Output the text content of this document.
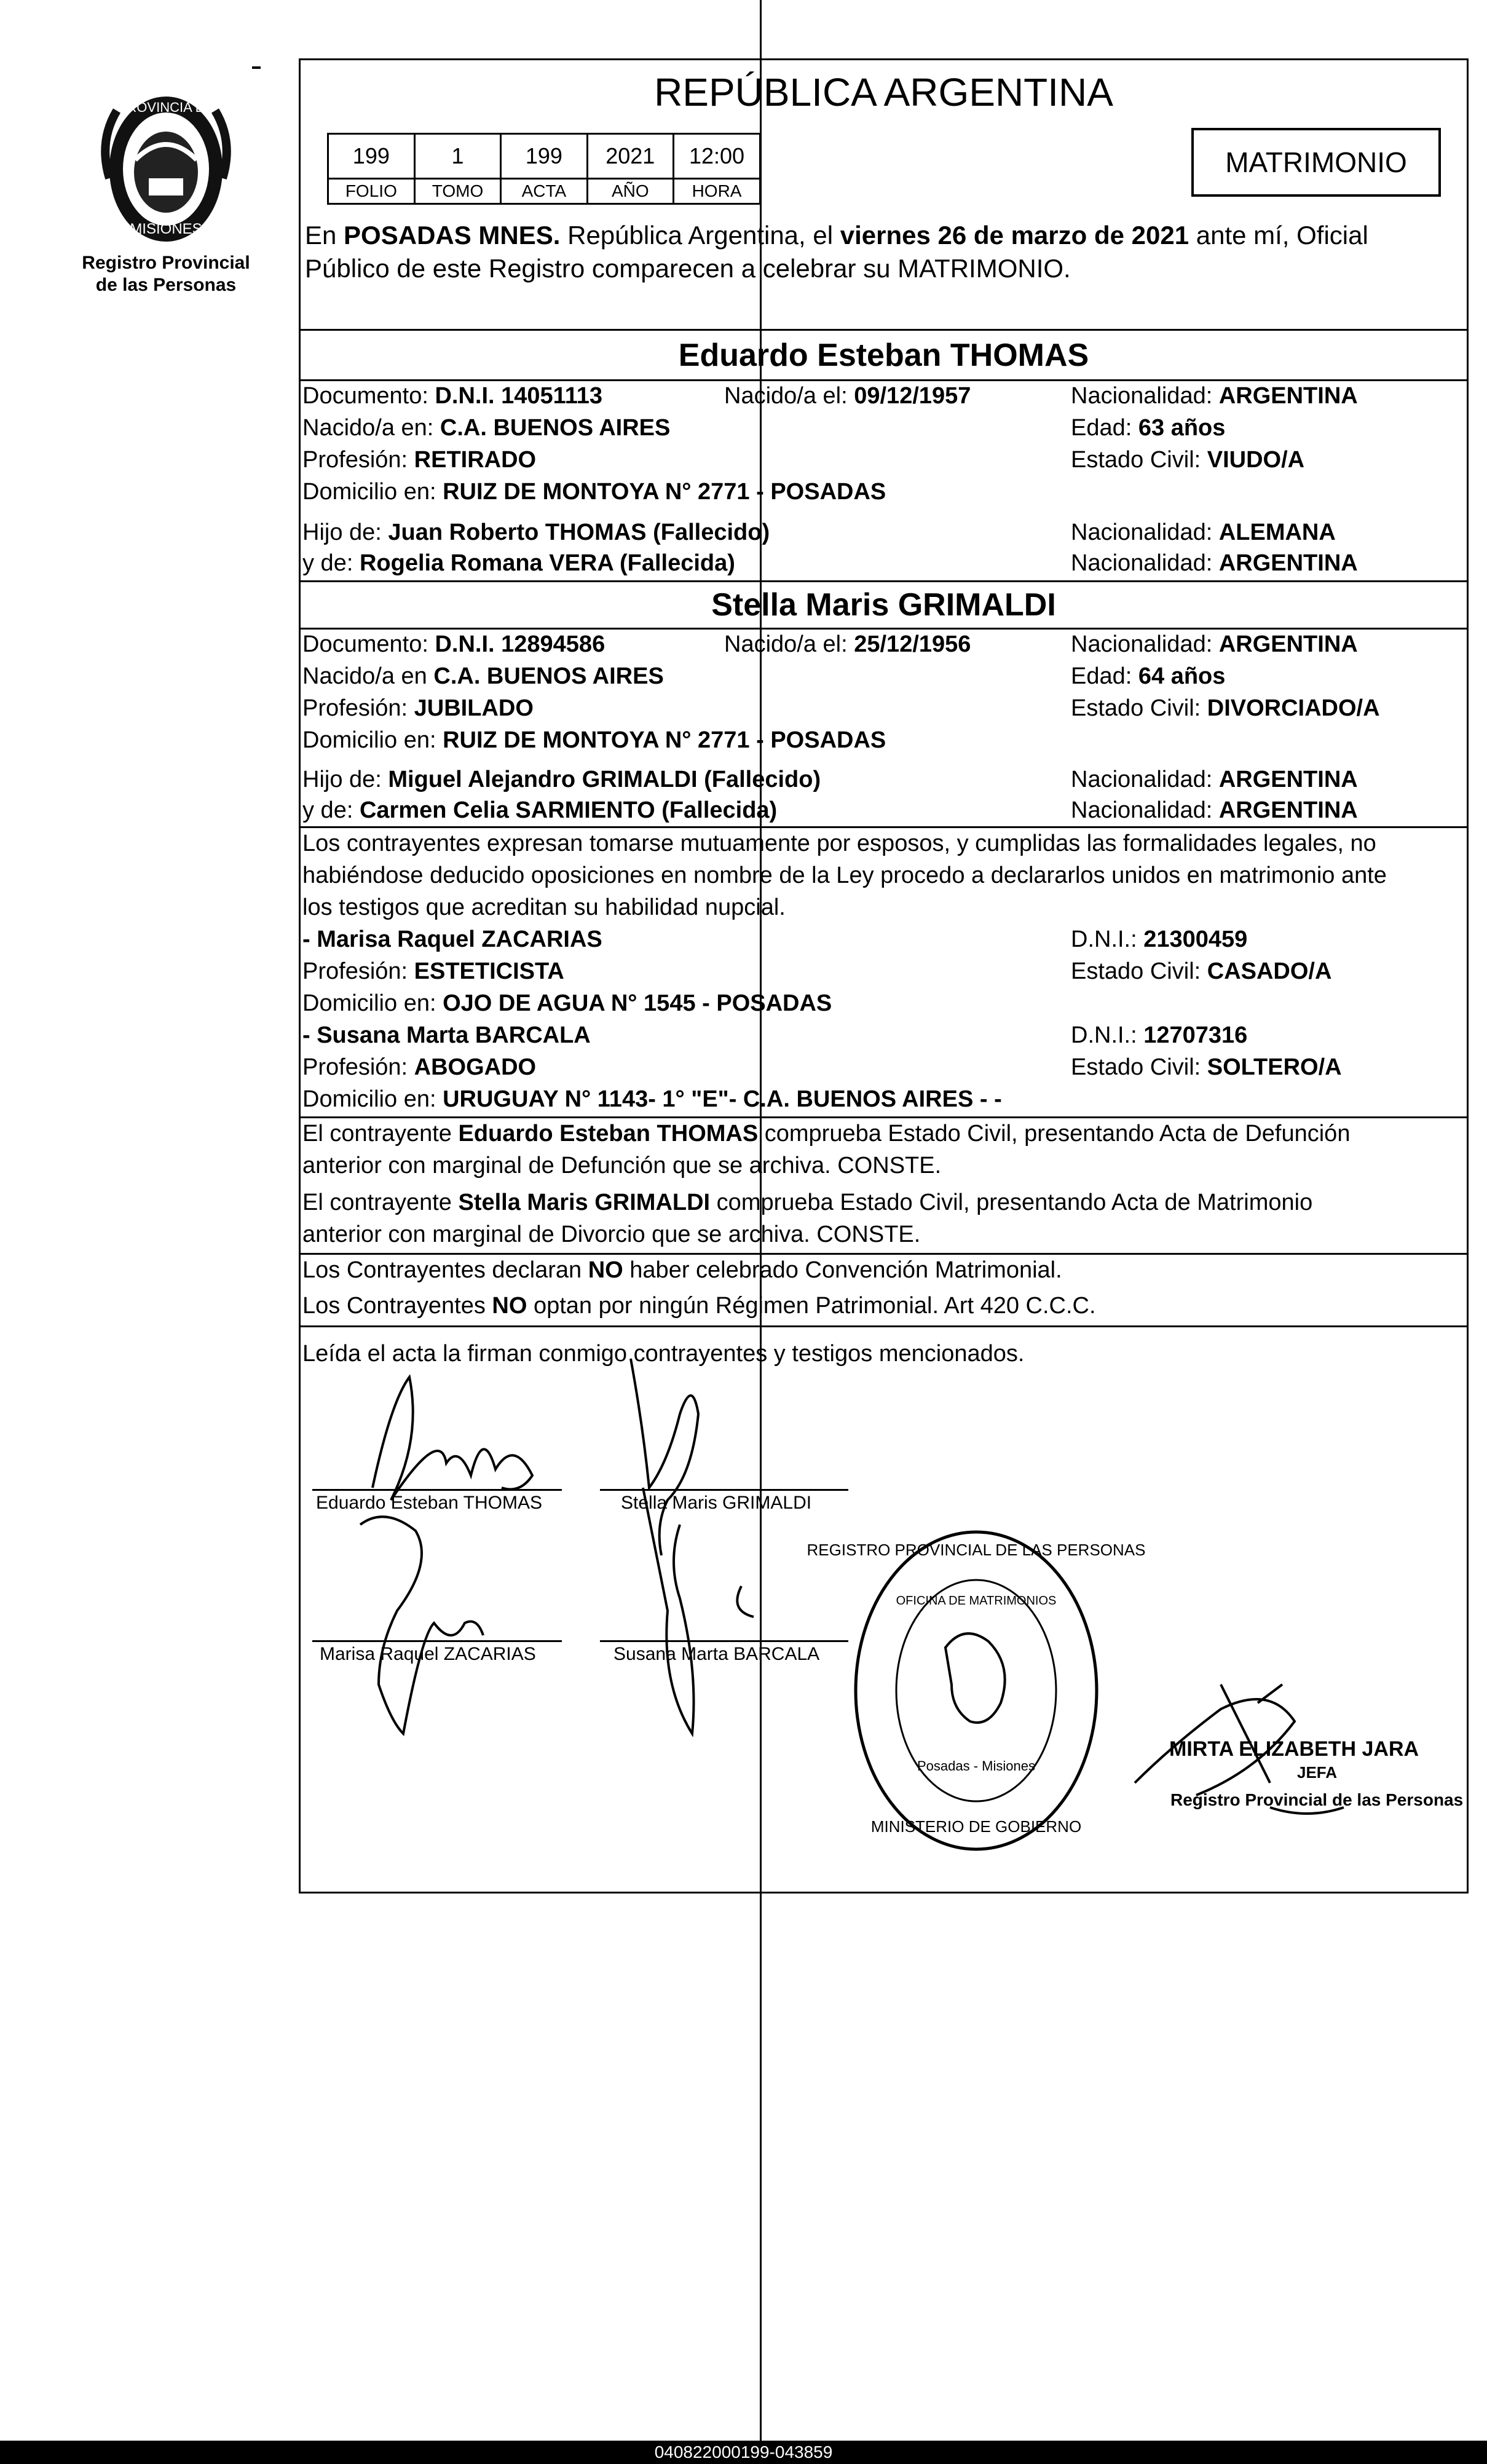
PROVINCIA DE
MISIONES
Registro Provincial
de las Personas
REPÚBLICA ARGENTINA
199	1	199	2021	12:00
FOLIO	TOMO	ACTA	AÑO	HORA
MATRIMONIO
En POSADAS MNES. República Argentina, el viernes 26 de marzo de 2021 ante mí, Oficial
Público de este Registro comparecen a celebrar su MATRIMONIO.
Eduardo Esteban THOMAS
Documento: D.N.I. 14051113	Nacido/a el: 09/12/1957	Nacionalidad: ARGENTINA
Nacido/a en: C.A. BUENOS AIRES	Edad: 63 años
Profesión: RETIRADO	Estado Civil: VIUDO/A
Domicilio en: RUIZ DE MONTOYA N° 2771 - POSADAS
Hijo de: Juan Roberto THOMAS (Fallecido)	Nacionalidad: ALEMANA
y de: Rogelia Romana VERA (Fallecida)	Nacionalidad: ARGENTINA
Stella Maris GRIMALDI
Documento: D.N.I. 12894586	Nacido/a el: 25/12/1956	Nacionalidad: ARGENTINA
Nacido/a en C.A. BUENOS AIRES	Edad: 64 años
Profesión: JUBILADO	Estado Civil: DIVORCIADO/A
Domicilio en: RUIZ DE MONTOYA N° 2771 - POSADAS
Hijo de: Miguel Alejandro GRIMALDI (Fallecido)	Nacionalidad: ARGENTINA
y de: Carmen Celia SARMIENTO (Fallecida)	Nacionalidad: ARGENTINA
Los contrayentes expresan tomarse mutuamente por esposos, y cumplidas las formalidades legales, no
habiéndose deducido oposiciones en nombre de la Ley procedo a declararlos unidos en matrimonio ante
los testigos que acreditan su habilidad nupcial.
- Marisa Raquel ZACARIAS	D.N.I.: 21300459
Profesión: ESTETICISTA	Estado Civil: CASADO/A
Domicilio en: OJO DE AGUA N° 1545 - POSADAS
- Susana Marta BARCALA	D.N.I.: 12707316
Profesión: ABOGADO	Estado Civil: SOLTERO/A
Domicilio en: URUGUAY N° 1143- 1° "E"- C.A. BUENOS AIRES - -
El contrayente Eduardo Esteban THOMAS comprueba Estado Civil, presentando Acta de Defunción
anterior con marginal de Defunción que se archiva. CONSTE.
El contrayente Stella Maris GRIMALDI comprueba Estado Civil, presentando Acta de Matrimonio
anterior con marginal de Divorcio que se archiva. CONSTE.
Los Contrayentes declaran NO haber celebrado Convención Matrimonial.
Los Contrayentes NO optan por ningún Régimen Patrimonial. Art 420 C.C.C.
Leída el acta la firman conmigo contrayentes y testigos mencionados.
Eduardo Esteban THOMAS	Stella Maris GRIMALDI
Marisa Raquel ZACARIAS	Susana Marta BARCALA
REGISTRO PROVINCIAL DE LAS PERSONAS
MINISTERIO DE GOBIERNO
OFICINA DE MATRIMONIOS
Posadas - Misiones
MIRTA ELIZABETH JARA
JEFA
Registro Provincial de las Personas
040822000199-043859
